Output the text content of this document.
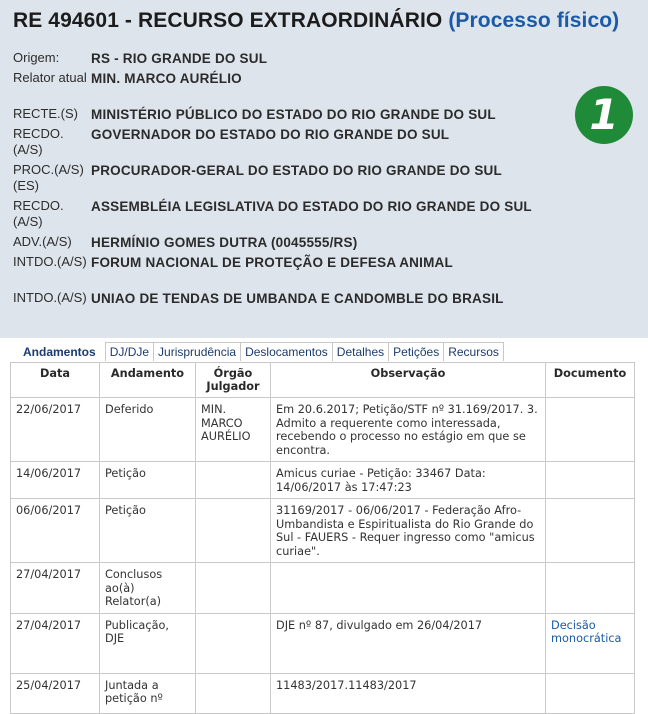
RE 494601 - RECURSO EXTRAORDINÁRIO (Processo físico)
Origem:	RS - RIO GRANDE DO SUL
Relator atual MIN. MARCO AURÉLIO
RECTE.(S) MINISTÉRIO PÚBLICO DO ESTADO DO RIO GRANDE DO SUL
RECDO.(A/S)
GOVERNADOR DO ESTADO DO RIO GRANDE DO SUL
PROC.(A/S)(ES)
PROCURADOR-GERAL DO ESTADO DO RIO GRANDE DO SUL
RECDO.(A/S)
ASSEMBLÉIA LEGISLATIVA DO ESTADO DO RIO GRANDE DO SUL
ADV.(A/S)	HERMÍNIO GOMES DUTRA (0045555/RS)
INTDO.(A/S) FORUM NACIONAL DE PROTEÇÃO E DEFESA ANIMAL
INTDO.(A/S) UNIAO DE TENDAS DE UMBANDA E CANDOMBLE DO BRASIL
1
Andamentos	DJ/DJe Jurisprudência Deslocamentos Detalhes Petições Recursos
Data	Andamento	Órgão Julgador	Observação	Documento
22/06/2017	Deferido	MIN. MARCO AURÉLIO	Em 20.6.2017; Petição/STF nº 31.169/2017. 3. Admito a requerente como interessada, recebendo o processo no estágio em que se encontra.	
14/06/2017	Petição		Amicus curiae - Petição: 33467 Data: 14/06/2017 às 17:47:23	
06/06/2017	Petição		31169/2017 - 06/06/2017 - Federação Afro-Umbandista e Espiritualista do Rio Grande do Sul - FAUERS - Requer ingresso como "amicus curiae".	
27/04/2017	Conclusos ao(à) Relator(a)			
27/04/2017	Publicação, DJE		DJE nº 87, divulgado em 26/04/2017	Decisão monocrática
25/04/2017	Juntada a petição nº		11483/2017.11483/2017	
